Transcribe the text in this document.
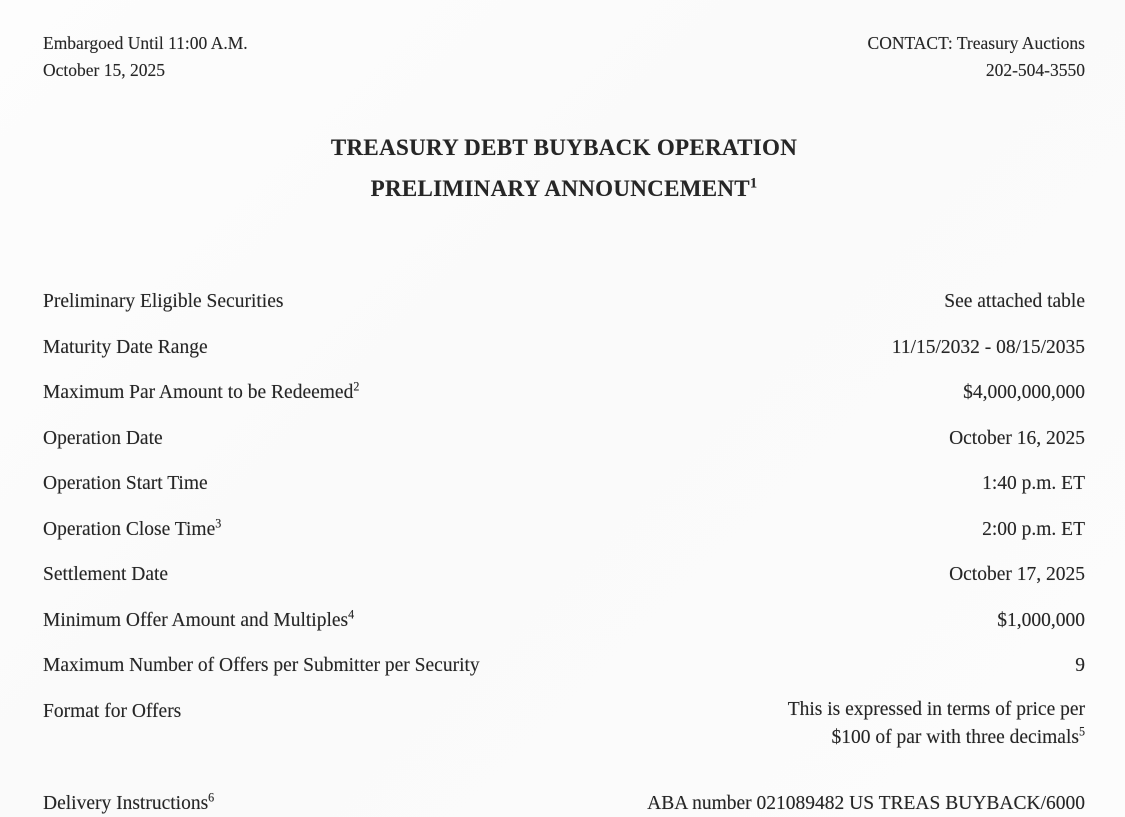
Embargoed Until 11:00 A.M.
October 15, 2025
CONTACT: Treasury Auctions
202-504-3550
TREASURY DEBT BUYBACK OPERATION
PRELIMINARY ANNOUNCEMENT$^1$
Preliminary Eligible Securities	See attached table
Maturity Date Range	11/15/2032 - 08/15/2035
Maximum Par Amount to be Redeemed$^2$	$4,000,000,000
Operation Date	October 16, 2025
Operation Start Time	1:40 p.m. ET
Operation Close Time$^3$	2:00 p.m. ET
Settlement Date	October 17, 2025
Minimum Offer Amount and Multiples$^4$	$1,000,000
Maximum Number of Offers per Submitter per Security	9
Format for Offers	This is expressed in terms of price per $100 of par with three decimals$^5$
Delivery Instructions$^6$	ABA number 021089482 US TREAS BUYBACK/6000
